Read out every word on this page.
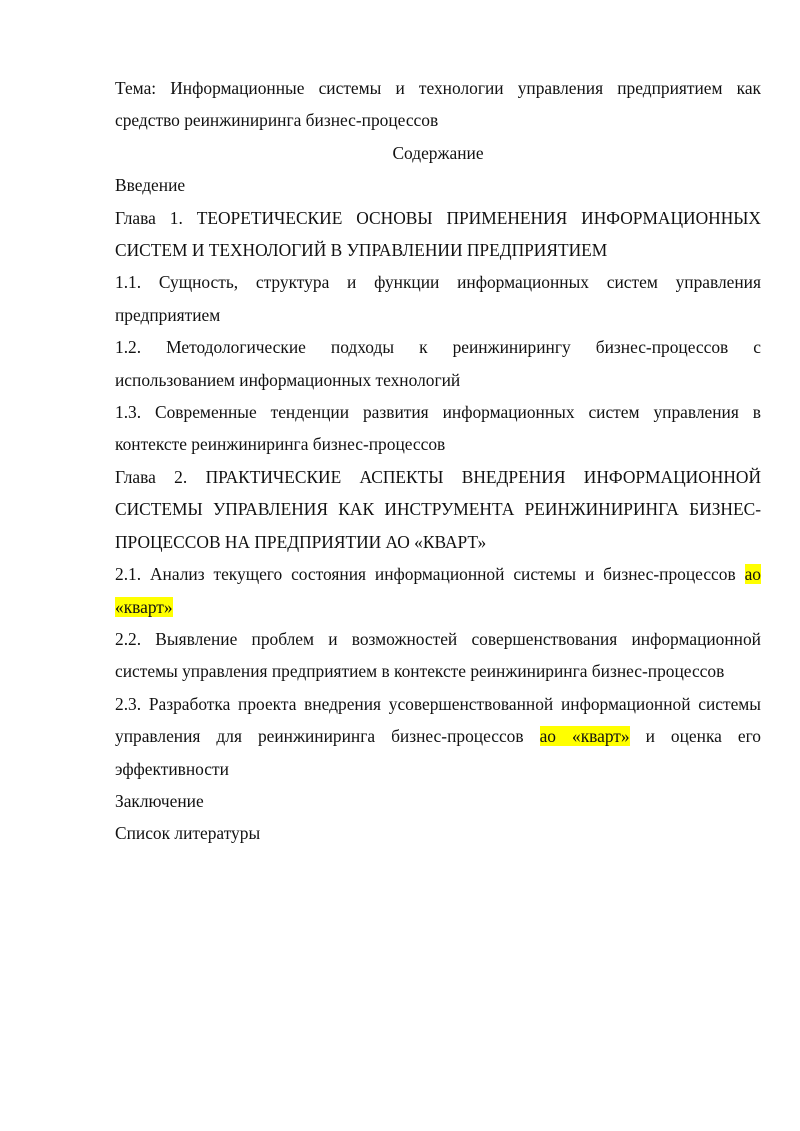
Тема: Информационные системы и технологии управления предприятием как средство реинжиниринга бизнес-процессов

Содержание

Введение

Глава 1. ТЕОРЕТИЧЕСКИЕ ОСНОВЫ ПРИМЕНЕНИЯ ИНФОРМАЦИОННЫХ СИСТЕМ И ТЕХНОЛОГИЙ В УПРАВЛЕНИИ ПРЕДПРИЯТИЕМ

1.1. Сущность, структура и функции информационных систем управления предприятием

1.2. Методологические подходы к реинжинирингу бизнес-процессов с использованием информационных технологий

1.3. Современные тенденции развития информационных систем управления в контексте реинжиниринга бизнес-процессов

Глава 2. ПРАКТИЧЕСКИЕ АСПЕКТЫ ВНЕДРЕНИЯ ИНФОРМАЦИОННОЙ СИСТЕМЫ УПРАВЛЕНИЯ КАК ИНСТРУМЕНТА РЕИНЖИНИРИНГА БИЗНЕС-ПРОЦЕССОВ НА ПРЕДПРИЯТИИ АО «КВАРТ»

2.1. Анализ текущего состояния информационной системы и бизнес-процессов ао «кварт»

2.2. Выявление проблем и возможностей совершенствования информационной системы управления предприятием в контексте реинжиниринга бизнес-процессов

2.3. Разработка проекта внедрения усовершенствованной информационной системы управления для реинжиниринга бизнес-процессов ао «кварт» и оценка его эффективности

Заключение

Список литературы
